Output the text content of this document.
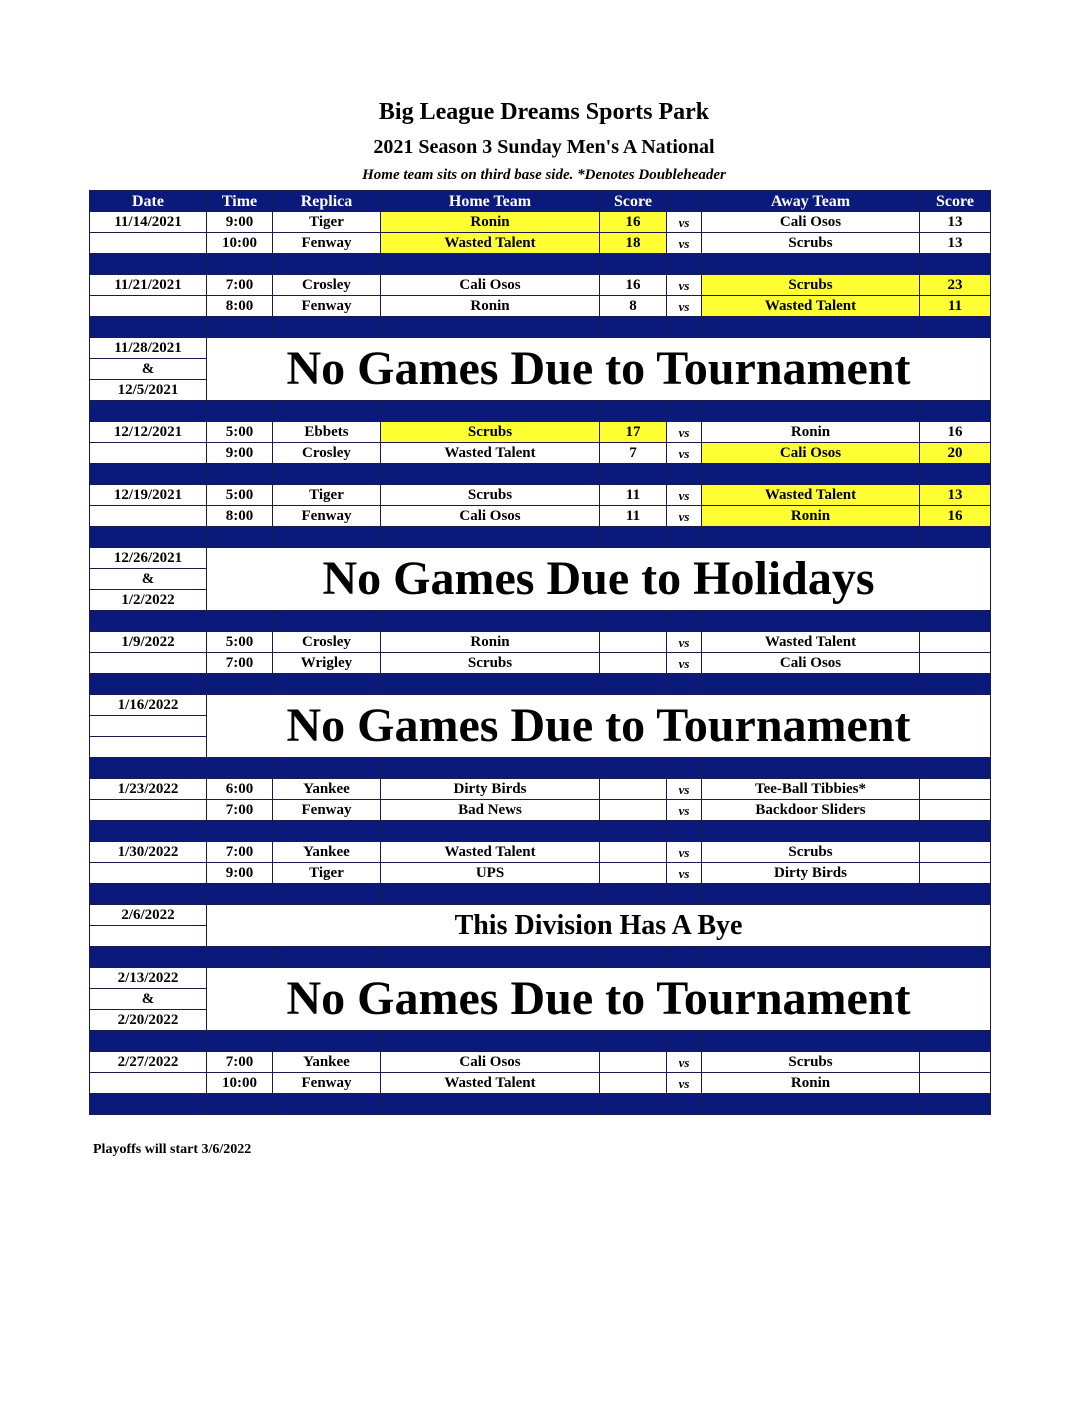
Big League Dreams Sports Park
2021 Season 3 Sunday Men's A National
Home team sits on third base side. *Denotes Doubleheader
Date	Time	Replica	Home Team	Score		Away Team	Score
11/14/2021	9:00	Tiger	Ronin	16	vs	Cali Osos	13
	10:00	Fenway	Wasted Talent	18	vs	Scrubs	13

11/21/2021	7:00	Crosley	Cali Osos	16	vs	Scrubs	23
	8:00	Fenway	Ronin	8	vs	Wasted Talent	11

11/28/2021	No Games Due to Tournament						
&							
12/5/2021							

12/12/2021	5:00	Ebbets	Scrubs	17	vs	Ronin	16
	9:00	Crosley	Wasted Talent	7	vs	Cali Osos	20

12/19/2021	5:00	Tiger	Scrubs	11	vs	Wasted Talent	13
	8:00	Fenway	Cali Osos	11	vs	Ronin	16

12/26/2021	No Games Due to Holidays						
&							
1/2/2022							

1/9/2022	5:00	Crosley	Ronin		vs	Wasted Talent	
	7:00	Wrigley	Scrubs		vs	Cali Osos	

1/16/2022	No Games Due to Tournament						

1/23/2022	6:00	Yankee	Dirty Birds		vs	Tee-Ball Tibbies*	
	7:00	Fenway	Bad News		vs	Backdoor Sliders	

1/30/2022	7:00	Yankee	Wasted Talent		vs	Scrubs	
	9:00	Tiger	UPS		vs	Dirty Birds	

2/6/2022	This Division Has A Bye						

2/13/2022	No Games Due to Tournament						
&							
2/20/2022							

2/27/2022	7:00	Yankee	Cali Osos		vs	Scrubs	
	10:00	Fenway	Wasted Talent		vs	Ronin	

Playoffs will start 3/6/2022
